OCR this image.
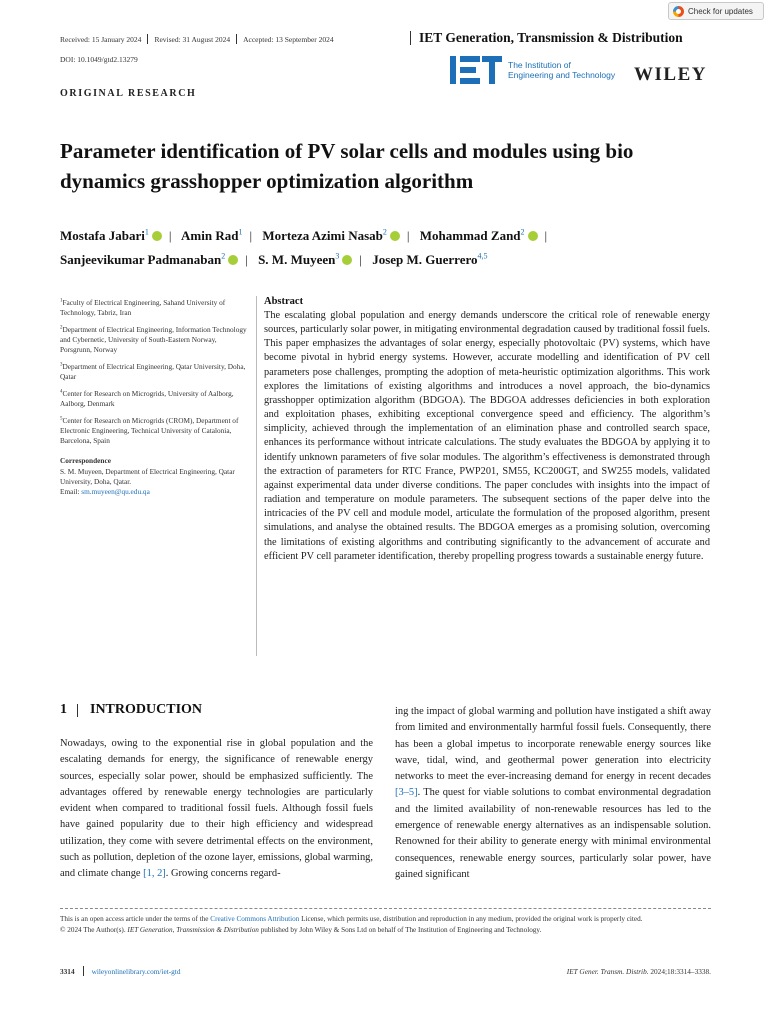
Check for updates
Received: 15 January 2024 Revised: 31 August 2024 Accepted: 13 September 2024	IET Generation, Transmission & Distribution
DOI: 10.1049/gtd2.13279
The Institution of
Engineering and Technology WILEY
ORIGINAL RESEARCH
Parameter identification of PV solar cells and modules using bio dynamics grasshopper optimization algorithm
Mostafa Jabari$^1$ iD | Amin Rad$^1$ | Morteza Azimi Nasab$^2$ iD | Mohammad Zand$^2$ iD |
Sanjeevikumar Padmanaban$^2$ iD | S. M. Muyeen$^3$ iD | Josep M. Guerrero$^{4,5}$

$^1$Faculty of Electrical Engineering, Sahand University of Technology, Tabriz, Iran

$^2$Department of Electrical Engineering, Information Technology and Cybernetic, University of South-Eastern Norway, Porsgrunn, Norway

$^3$Department of Electrical Engineering, Qatar University, Doha, Qatar

$^4$Center for Research on Microgrids, University of Aalborg, Aalborg, Denmark

$^5$Center for Research on Microgrids (CROM), Department of Electronic Engineering, Technical University of Catalonia, Barcelona, Spain

Correspondence

S. M. Muyeen, Department of Electrical Engineering, Qatar University, Doha, Qatar.
Email: sm.muyeen@qu.edu.qa

Abstract

The escalating global population and energy demands underscore the critical role of renewable energy sources, particularly solar power, in mitigating environmental degradation caused by traditional fossil fuels. This paper emphasizes the advantages of solar energy, especially photovoltaic (PV) systems, which have become pivotal in hybrid energy systems. However, accurate modelling and identification of PV cell parameters pose challenges, prompting the adoption of meta-heuristic optimization algorithms. This work explores the limitations of existing algorithms and introduces a novel approach, the bio-dynamics grasshopper optimization algorithm (BDGOA). The BDGOA addresses deficiencies in both exploration and exploitation phases, exhibiting exceptional convergence speed and efficiency. The algorithm’s simplicity, achieved through the implementation of an elimination phase and controlled search space, enhances its performance without intricate calculations. The study evaluates the BDGOA by applying it to identify unknown parameters of five solar modules. The algorithm’s effectiveness is demonstrated through the extraction of parameters for RTC France, PWP201, SM55, KC200GT, and SW255 models, validated against experimental data under diverse conditions. The paper concludes with insights into the impact of radiation and temperature on module parameters. The subsequent sections of the paper delve into the intricacies of the PV cell and module model, articulate the formulation of the proposed algorithm, present simulations, and analyse the obtained results. The BDGOA emerges as a promising solution, overcoming the limitations of existing algorithms and contributing significantly to the advancement of accurate and efficient PV cell parameter identification, thereby propelling progress towards a sustainable energy future.

1 INTRODUCTION
Nowadays, owing to the exponential rise in global population and the escalating demands for energy, the significance of renewable energy sources, especially solar power, should be emphasized sufficiently. The advantages offered by renewable energy technologies are particularly evident when compared to traditional fossil fuels. Although fossil fuels have gained popularity due to their high efficiency and widespread utilization, they come with severe detrimental effects on the environment, such as pollution, depletion of the ozone layer, emissions, global warming, and climate change [1, 2]. Growing concerns regard-
ing the impact of global warming and pollution have instigated a shift away from limited and environmentally harmful fossil fuels. Consequently, there has been a global impetus to incorporate renewable energy sources like wave, tidal, wind, and geothermal power generation into electricity networks to meet the ever-increasing demand for energy in recent decades [3–5]. The quest for viable solutions to combat environmental degradation and the limited availability of non-renewable resources has led to the emergence of renewable energy alternatives as an indispensable solution. Renowned for their ability to generate energy with minimal environmental consequences, renewable energy sources, particularly solar power, have gained significant
This is an open access article under the terms of the Creative Commons Attribution License, which permits use, distribution and reproduction in any medium, provided the original work is properly cited.
© 2024 The Author(s). IET Generation, Transmission & Distribution published by John Wiley & Sons Ltd on behalf of The Institution of Engineering and Technology.
3314 wileyonlinelibrary.com/iet-gtd	IET Gener. Transm. Distrib. 2024;18:3314–3338.
